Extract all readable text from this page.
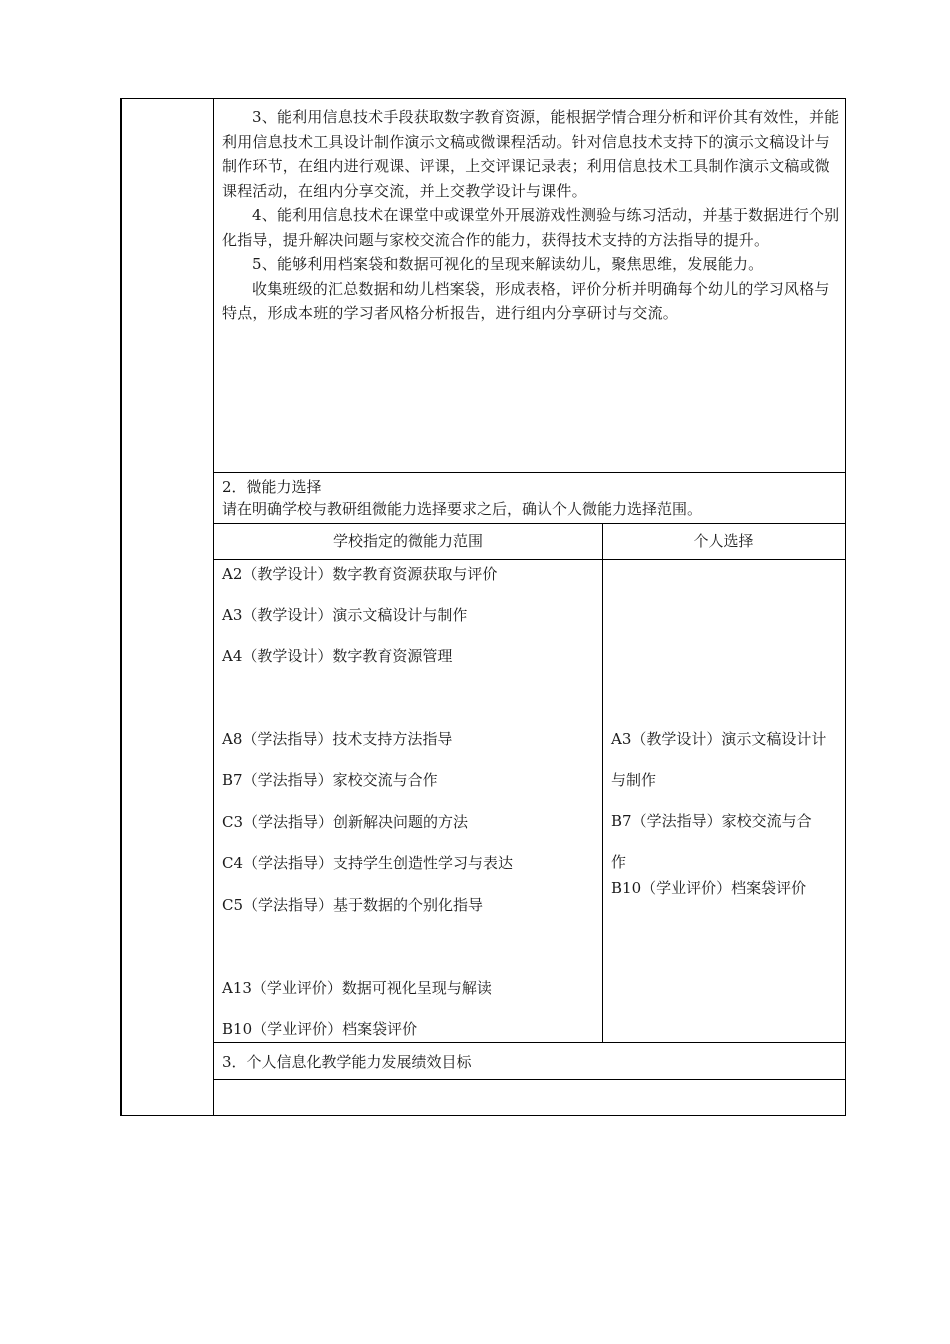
3、能利用信息技术手段获取数字教育资源，能根据学情合理分析和评价其有效性，并能利用信息技术工具设计制作演示文稿或微课程活动。针对信息技术支持下的演示文稿设计与制作环节，在组内进行观课、评课，上交评课记录表；利用信息技术工具制作演示文稿或微课程活动，在组内分享交流，并上交教学设计与课件。

4、能利用信息技术在课堂中或课堂外开展游戏性测验与练习活动，并基于数据进行个别化指导，提升解决问题与家校交流合作的能力，获得技术支持的方法指导的提升。

5、能够利用档案袋和数据可视化的呈现来解读幼儿，聚焦思维，发展能力。

收集班级的汇总数据和幼儿档案袋，形成表格，评价分析并明确每个幼儿的学习风格与特点，形成本班的学习者风格分析报告，进行组内分享研讨与交流。

2．微能力选择
请在明确学校与教研组微能力选择要求之后，确认个人微能力选择范围。
学校指定的微能力范围	个人选择
A2（教学设计）数字教育资源获取与评价
A3（教学设计）演示文稿设计与制作
A4（教学设计）数字教育资源管理
A8（学法指导）技术支持方法指导
B7（学法指导）家校交流与合作
C3（学法指导）创新解决问题的方法
C4（学法指导）支持学生创造性学习与表达
C5（学法指导）基于数据的个别化指导
A13（学业评价）数据可视化呈现与解读
B10（学业评价）档案袋评价
A3（教学设计）演示文稿设计计
与制作
B7（学法指导）家校交流与合
作
B10（学业评价）档案袋评价
3．个人信息化教学能力发展绩效目标
